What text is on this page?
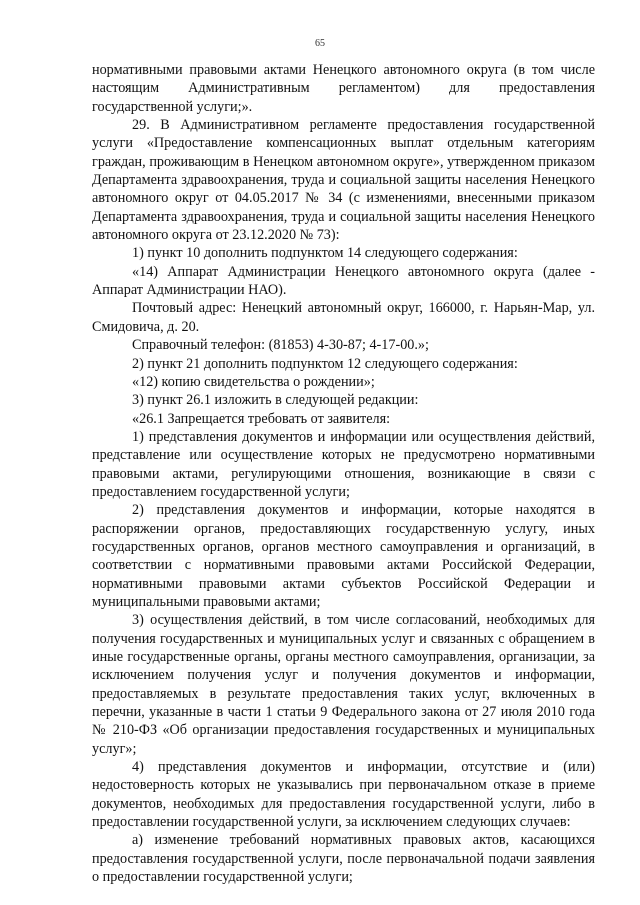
65

нормативными правовыми актами Ненецкого автономного округа (в том числе настоящим Административным регламентом) для предоставления государственной услуги;».

29. В Административном регламенте предоставления государственной услуги «Предоставление компенсационных выплат отдельным категориям граждан, проживающим в Ненецком автономном округе», утвержденном приказом Департамента здравоохранения, труда и социальной защиты населения Ненецкого автономного округ от 04.05.2017 № 34 (с изменениями, внесенными приказом Департамента здравоохранения, труда и социальной защиты населения Ненецкого автономного округа от 23.12.2020 № 73):

1) пункт 10 дополнить подпунктом 14 следующего содержания:

«14) Аппарат Администрации Ненецкого автономного округа (далее - Аппарат Администрации НАО).

Почтовый адрес: Ненецкий автономный округ, 166000, г. Нарьян-Мар, ул. Смидовича, д. 20.

Справочный телефон: (81853) 4-30-87; 4-17-00.»;

2) пункт 21 дополнить подпунктом 12 следующего содержания:

«12) копию свидетельства о рождении»;

3) пункт 26.1 изложить в следующей редакции:

«26.1 Запрещается требовать от заявителя:

1) представления документов и информации или осуществления действий, представление или осуществление которых не предусмотрено нормативными правовыми актами, регулирующими отношения, возникающие в связи с предоставлением государственной услуги;

2) представления документов и информации, которые находятся в распоряжении органов, предоставляющих государственную услугу, иных государственных органов, органов местного самоуправления и организаций, в соответствии с нормативными правовыми актами Российской Федерации, нормативными правовыми актами субъектов Российской Федерации и муниципальными правовыми актами;

3) осуществления действий, в том числе согласований, необходимых для получения государственных и муниципальных услуг и связанных с обращением в иные государственные органы, органы местного самоуправления, организации, за исключением получения услуг и получения документов и информации, предоставляемых в результате предоставления таких услуг, включенных в перечни, указанные в части 1 статьи 9 Федерального закона от 27 июля 2010 года № 210-ФЗ «Об организации предоставления государственных и муниципальных услуг»;

4) представления документов и информации, отсутствие и (или) недостоверность которых не указывались при первоначальном отказе в приеме документов, необходимых для предоставления государственной услуги, либо в предоставлении государственной услуги, за исключением следующих случаев:

а) изменение требований нормативных правовых актов, касающихся предоставления государственной услуги, после первоначальной подачи заявления о предоставлении государственной услуги;
